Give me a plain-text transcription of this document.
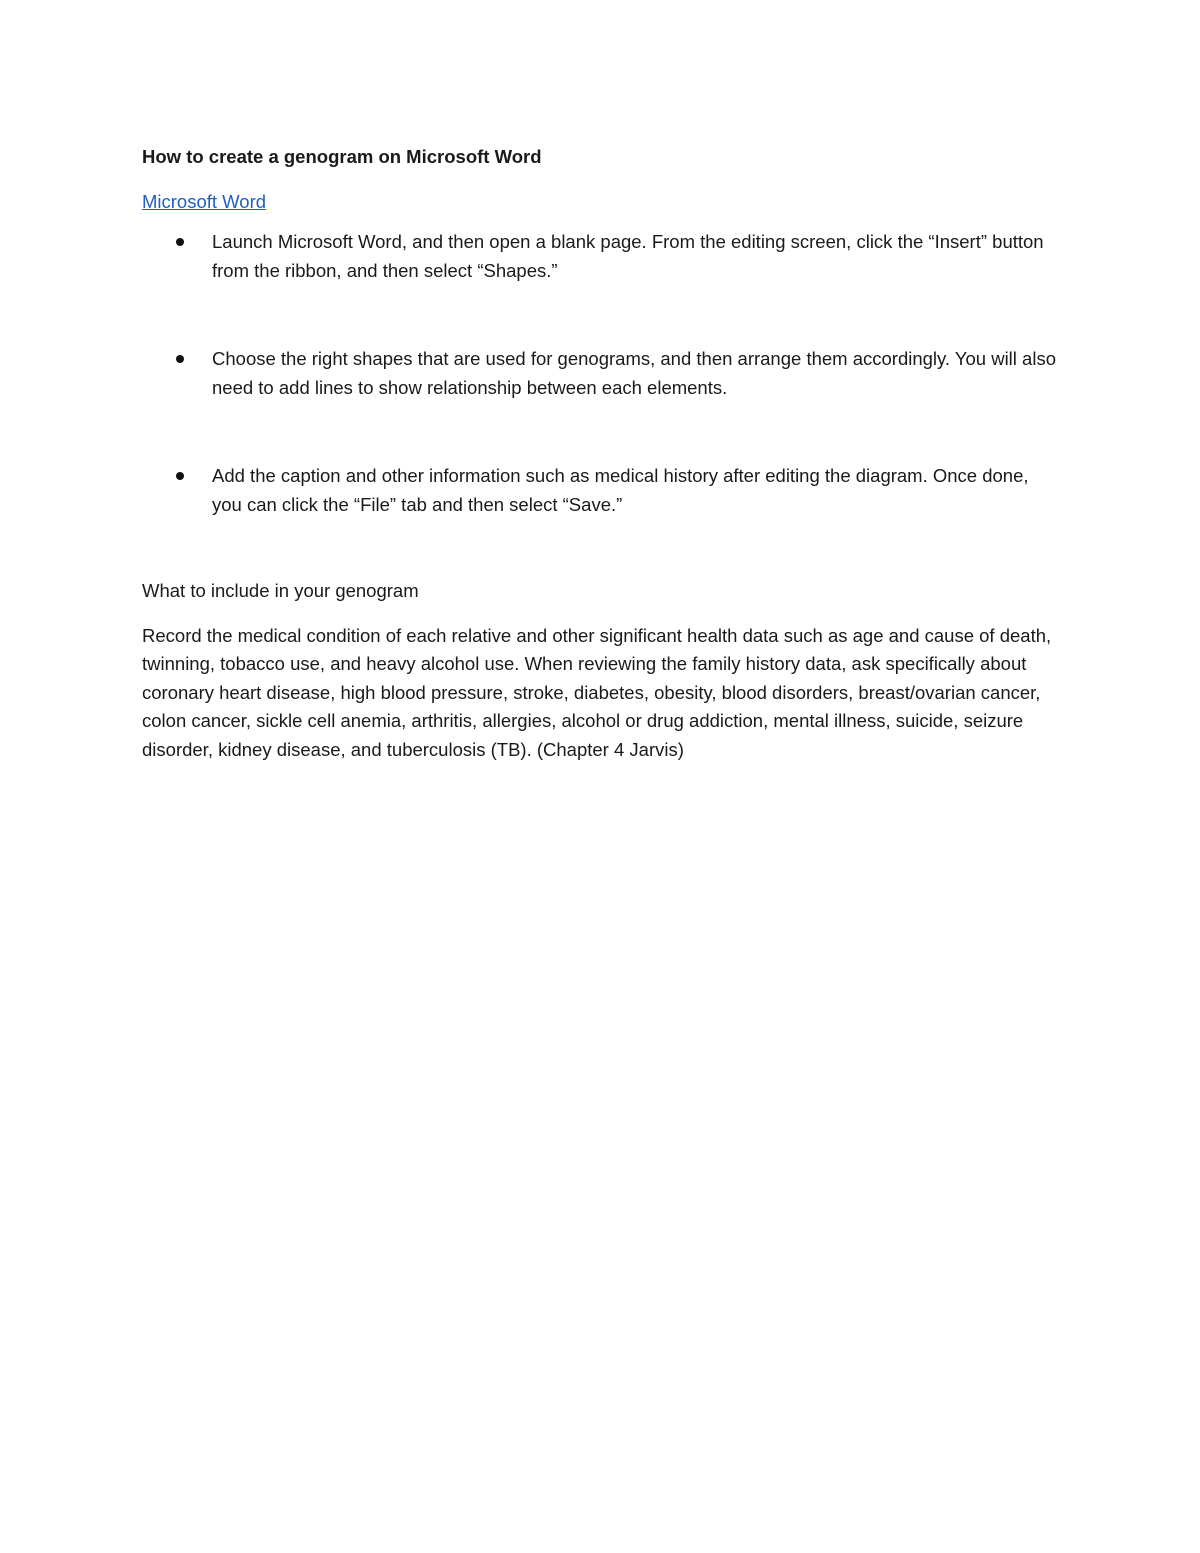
How to create a genogram on Microsoft Word

Microsoft Word
Launch Microsoft Word, and then open a blank page. From the editing screen, click the “Insert” button from the ribbon, and then select “Shapes.”
Choose the right shapes that are used for genograms, and then arrange them accordingly. You will also need to add lines to show relationship between each elements.
Add the caption and other information such as medical history after editing the diagram. Once done, you can click the “File” tab and then select “Save.”

What to include in your genogram

Record the medical condition of each relative and other significant health data such as age and cause of death, twinning, tobacco use, and heavy alcohol use. When reviewing the family history data, ask specifically about coronary heart disease, high blood pressure, stroke, diabetes, obesity, blood disorders, breast/ovarian cancer, colon cancer, sickle cell anemia, arthritis, allergies, alcohol or drug addiction, mental illness, suicide, seizure disorder, kidney disease, and tuberculosis (TB). (Chapter 4 Jarvis)
